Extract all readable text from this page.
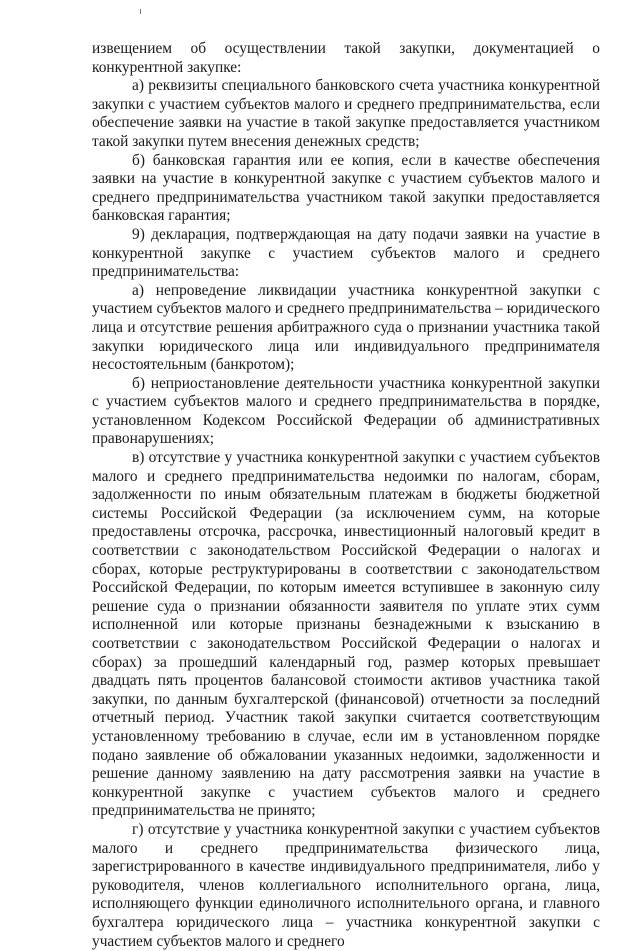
извещением об осуществлении такой закупки, документацией о конкурентной закупке:

а) реквизиты специального банковского счета участника конкурентной закупки с участием субъектов малого и среднего предпринимательства, если обеспечение заявки на участие в такой закупке предоставляется участником такой закупки путем внесения денежных средств;

б) банковская гарантия или ее копия, если в качестве обеспечения заявки на участие в конкурентной закупке с участием субъектов малого и среднего предпринимательства участником такой закупки предоставляется банковская гарантия;

9) декларация, подтверждающая на дату подачи заявки на участие в конкурентной закупке с участием субъектов малого и среднего предпринимательства:

а) непроведение ликвидации участника конкурентной закупки с участием субъектов малого и среднего предпринимательства – юридического лица и отсутствие решения арбитражного суда о признании участника такой закупки юридического лица или индивидуального предпринимателя несостоятельным (банкротом);

б) неприостановление деятельности участника конкурентной закупки с участием субъектов малого и среднего предпринимательства в порядке, установленном Кодексом Российской Федерации об административных правонарушениях;

в) отсутствие у участника конкурентной закупки с участием субъектов малого и среднего предпринимательства недоимки по налогам, сборам, задолженности по иным обязательным платежам в бюджеты бюджетной системы Российской Федерации (за исключением сумм, на которые предоставлены отсрочка, рассрочка, инвестиционный налоговый кредит в соответствии с законодательством Российской Федерации о налогах и сборах, которые реструктурированы в соответствии с законодательством Российской Федерации, по которым имеется вступившее в законную силу решение суда о признании обязанности заявителя по уплате этих сумм исполненной или которые признаны безнадежными к взысканию в соответствии с законодательством Российской Федерации о налогах и сборах) за прошедший календарный год, размер которых превышает двадцать пять процентов балансовой стоимости активов участника такой закупки, по данным бухгалтерской (финансовой) отчетности за последний отчетный период. Участник такой закупки считается соответствующим установленному требованию в случае, если им в установленном порядке подано заявление об обжаловании указанных недоимки, задолженности и решение данному заявлению на дату рассмотрения заявки на участие в конкурентной закупке с участием субъектов малого и среднего предпринимательства не принято;

г) отсутствие у участника конкурентной закупки с участием субъектов малого и среднего предпринимательства физического лица, зарегистрированного в качестве индивидуального предпринимателя, либо у руководителя, членов коллегиального исполнительного органа, лица, исполняющего функции единоличного исполнительного органа, и главного бухгалтера юридического лица – участника конкурентной закупки с участием субъектов малого и среднего
